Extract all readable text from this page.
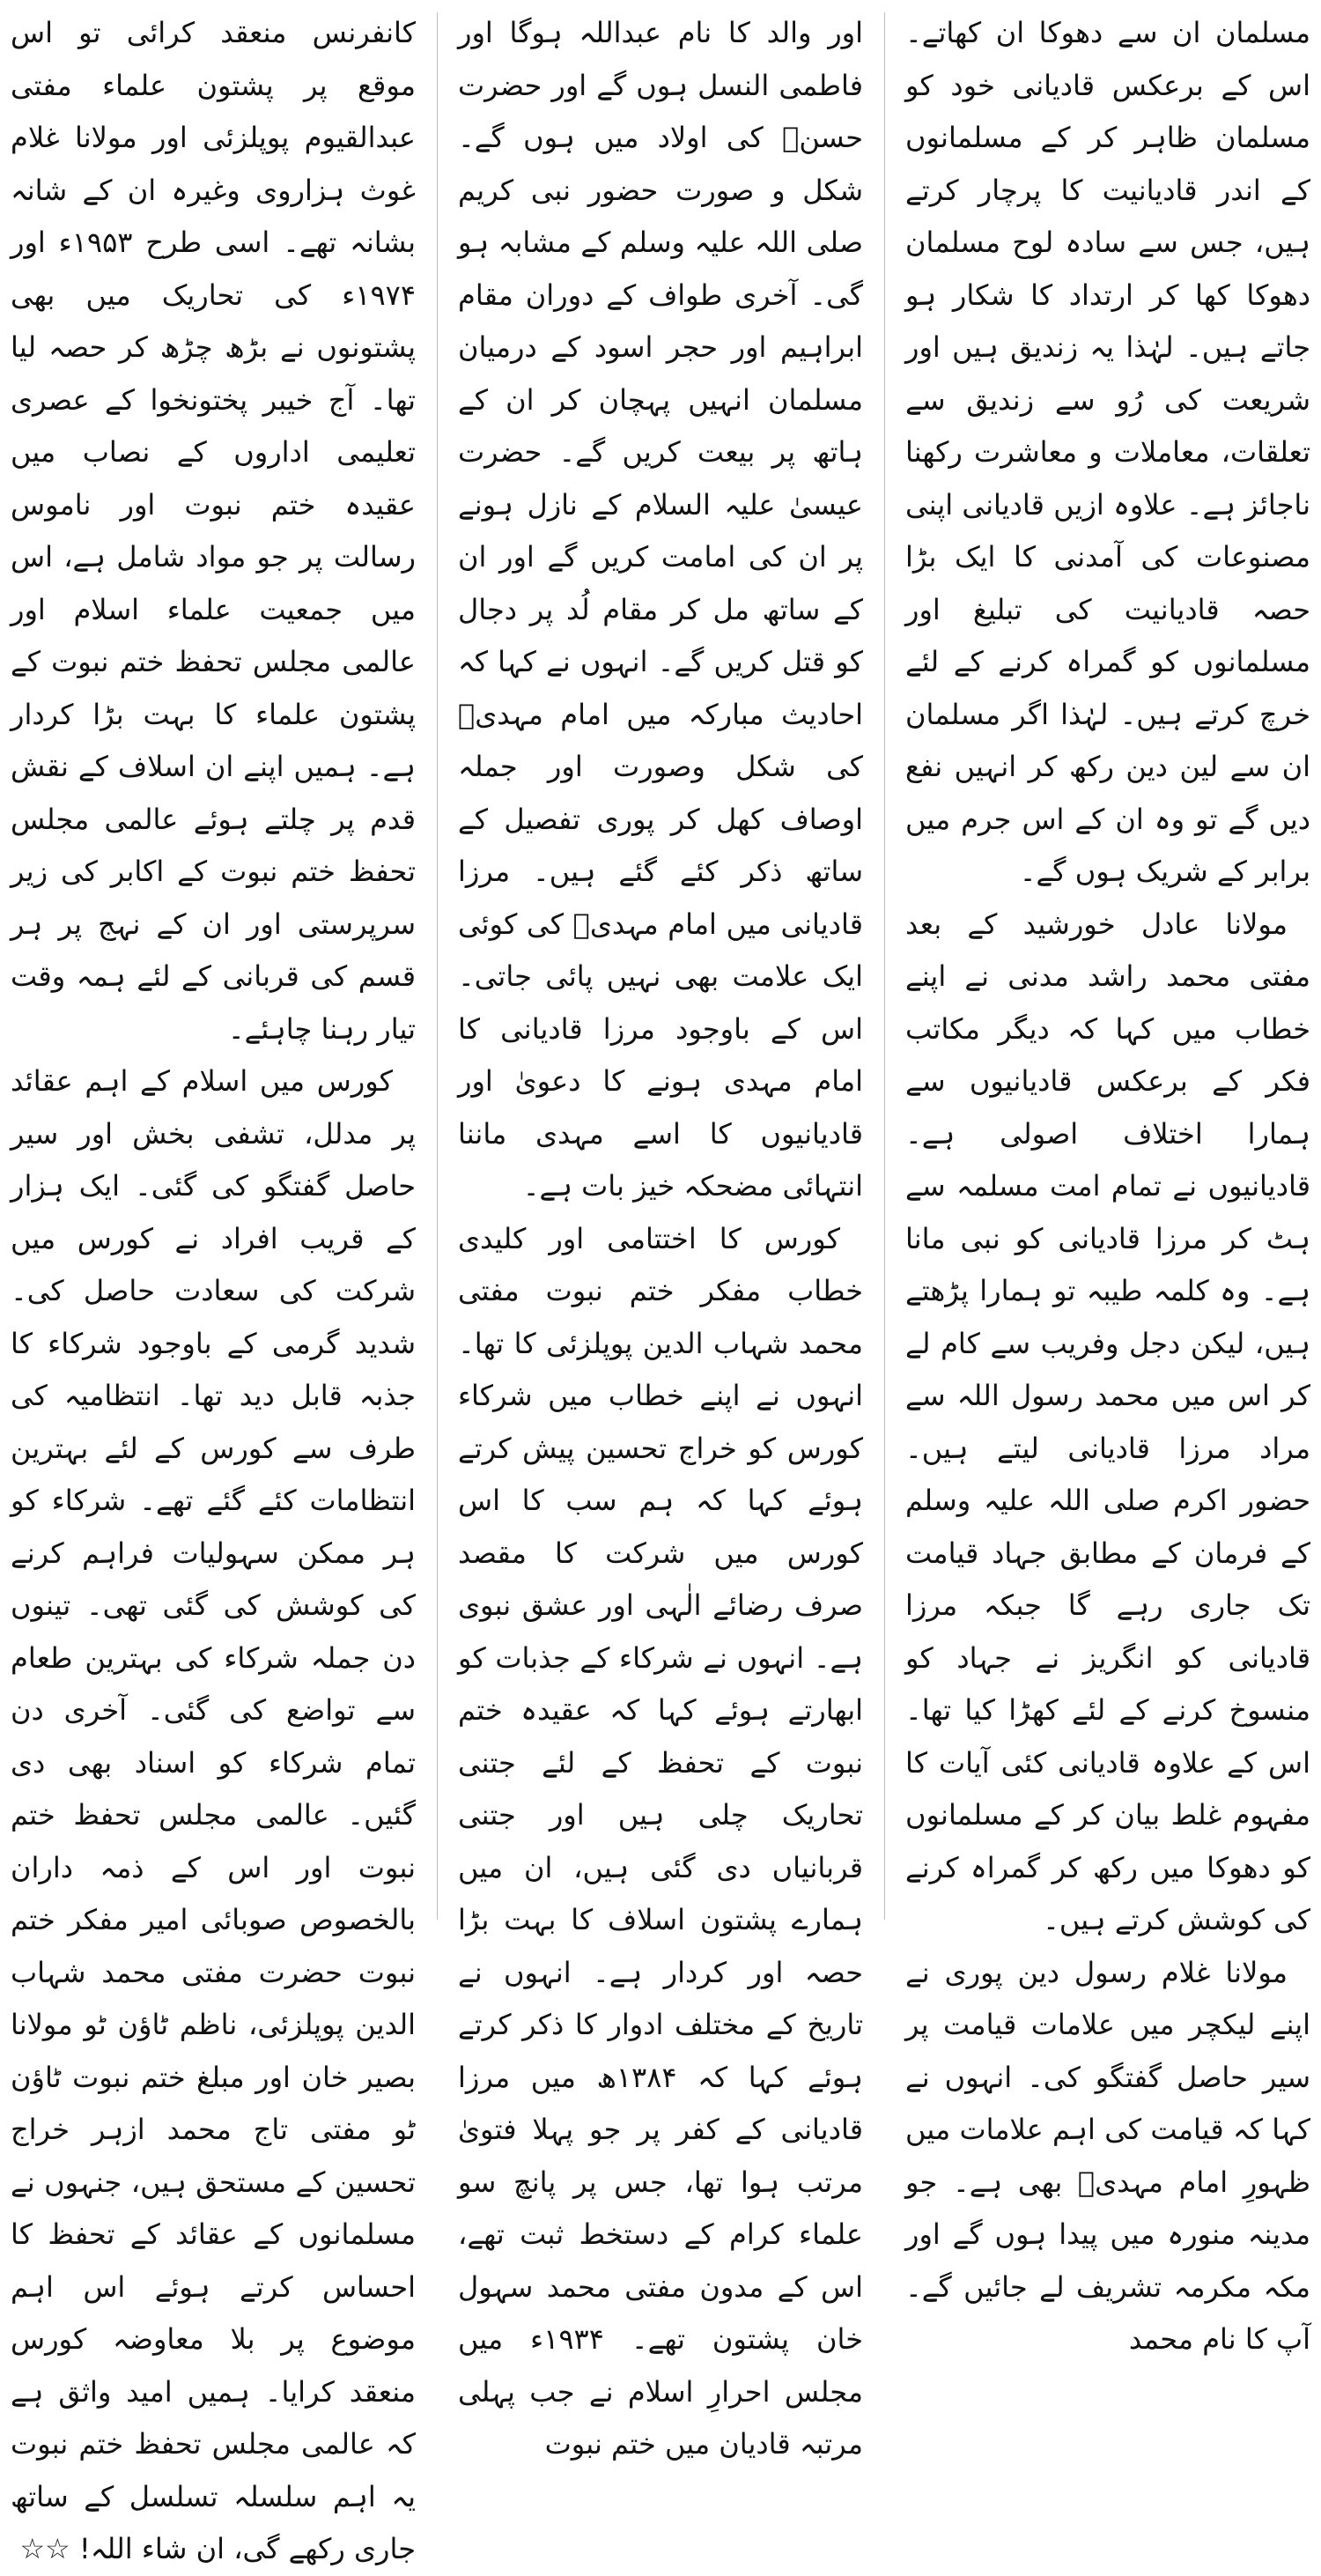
مسلمان ان سے دھوکا ان کھاتے۔ اس کے برعکس قادیانی خود کو مسلمان ظاہر کر کے مسلمانوں کے اندر قادیانیت کا پرچار کرتے ہیں، جس سے سادہ لوح مسلمان دھوکا کھا کر ارتداد کا شکار ہو جاتے ہیں۔ لہٰذا یہ زندیق ہیں اور شریعت کی رُو سے زندیق سے تعلقات، معاملات و معاشرت رکھنا ناجائز ہے۔ علاوہ ازیں قادیانی اپنی مصنوعات کی آمدنی کا ایک بڑا حصہ قادیانیت کی تبلیغ اور مسلمانوں کو گمراہ کرنے کے لئے خرچ کرتے ہیں۔ لہٰذا اگر مسلمان ان سے لین دین رکھ کر انہیں نفع دیں گے تو وہ ان کے اس جرم میں برابر کے شریک ہوں گے۔

مولانا عادل خورشید کے بعد مفتی محمد راشد مدنی نے اپنے خطاب میں کہا کہ دیگر مکاتب فکر کے برعکس قادیانیوں سے ہمارا اختلاف اصولی ہے۔ قادیانیوں نے تمام امت مسلمہ سے ہٹ کر مرزا قادیانی کو نبی مانا ہے۔ وہ کلمہ طیبہ تو ہمارا پڑھتے ہیں، لیکن دجل وفریب سے کام لے کر اس میں محمد رسول اللہ سے مراد مرزا قادیانی لیتے ہیں۔ حضور اکرم صلی اللہ علیہ وسلم کے فرمان کے مطابق جہاد قیامت تک جاری رہے گا جبکہ مرزا قادیانی کو انگریز نے جہاد کو منسوخ کرنے کے لئے کھڑا کیا تھا۔ اس کے علاوہ قادیانی کئی آیات کا مفہوم غلط بیان کر کے مسلمانوں کو دھوکا میں رکھ کر گمراہ کرنے کی کوشش کرتے ہیں۔

مولانا غلام رسول دین پوری نے اپنے لیکچر میں علامات قیامت پر سیر حاصل گفتگو کی۔ انہوں نے کہا کہ قیامت کی اہم علامات میں ظہورِ امام مہدیؓ بھی ہے۔ جو مدینہ منورہ میں پیدا ہوں گے اور مکہ مکرمہ تشریف لے جائیں گے۔ آپ کا نام محمد

اور والد کا نام عبداللہ ہوگا اور فاطمی النسل ہوں گے اور حضرت حسنؓ کی اولاد میں ہوں گے۔ شکل و صورت حضور نبی کریم صلی اللہ علیہ وسلم کے مشابہ ہو گی۔ آخری طواف کے دوران مقام ابراہیم اور حجر اسود کے درمیان مسلمان انہیں پہچان کر ان کے ہاتھ پر بیعت کریں گے۔ حضرت عیسیٰ علیہ السلام کے نازل ہونے پر ان کی امامت کریں گے اور ان کے ساتھ مل کر مقام لُد پر دجال کو قتل کریں گے۔ انہوں نے کہا کہ احادیث مبارکہ میں امام مہدیؓ کی شکل وصورت اور جملہ اوصاف کھل کر پوری تفصیل کے ساتھ ذکر کئے گئے ہیں۔ مرزا قادیانی میں امام مہدیؓ کی کوئی ایک علامت بھی نہیں پائی جاتی۔ اس کے باوجود مرزا قادیانی کا امام مہدی ہونے کا دعویٰ اور قادیانیوں کا اسے مہدی ماننا انتہائی مضحکہ خیز بات ہے۔

کورس کا اختتامی اور کلیدی خطاب مفکر ختم نبوت مفتی محمد شہاب الدین پوپلزئی کا تھا۔ انہوں نے اپنے خطاب میں شرکاء کورس کو خراج تحسین پیش کرتے ہوئے کہا کہ ہم سب کا اس کورس میں شرکت کا مقصد صرف رضائے الٰہی اور عشق نبوی ہے۔ انہوں نے شرکاء کے جذبات کو ابھارتے ہوئے کہا کہ عقیدہ ختم نبوت کے تحفظ کے لئے جتنی تحاریک چلی ہیں اور جتنی قربانیاں دی گئی ہیں، ان میں ہمارے پشتون اسلاف کا بہت بڑا حصہ اور کردار ہے۔ انہوں نے تاریخ کے مختلف ادوار کا ذکر کرتے ہوئے کہا کہ ۱۳۸۴ھ میں مرزا قادیانی کے کفر پر جو پہلا فتویٰ مرتب ہوا تھا، جس پر پانچ سو علماء کرام کے دستخط ثبت تھے، اس کے مدون مفتی محمد سہول خان پشتون تھے۔ ۱۹۳۴ء میں مجلس احرارِ اسلام نے جب پہلی مرتبہ قادیان میں ختم نبوت

کانفرنس منعقد کرائی تو اس موقع پر پشتون علماء مفتی عبدالقیوم پوپلزئی اور مولانا غلام غوث ہزاروی وغیرہ ان کے شانہ بشانہ تھے۔ اسی طرح ۱۹۵۳ء اور ۱۹۷۴ء کی تحاریک میں بھی پشتونوں نے بڑھ چڑھ کر حصہ لیا تھا۔ آج خیبر پختونخوا کے عصری تعلیمی اداروں کے نصاب میں عقیدہ ختم نبوت اور ناموس رسالت پر جو مواد شامل ہے، اس میں جمعیت علماء اسلام اور عالمی مجلس تحفظ ختم نبوت کے پشتون علماء کا بہت بڑا کردار ہے۔ ہمیں اپنے ان اسلاف کے نقش قدم پر چلتے ہوئے عالمی مجلس تحفظ ختم نبوت کے اکابر کی زیر سرپرستی اور ان کے نہج پر ہر قسم کی قربانی کے لئے ہمہ وقت تیار رہنا چاہئے۔

کورس میں اسلام کے اہم عقائد پر مدلل، تشفی بخش اور سیر حاصل گفتگو کی گئی۔ ایک ہزار کے قریب افراد نے کورس میں شرکت کی سعادت حاصل کی۔ شدید گرمی کے باوجود شرکاء کا جذبہ قابل دید تھا۔ انتظامیہ کی طرف سے کورس کے لئے بہترین انتظامات کئے گئے تھے۔ شرکاء کو ہر ممکن سہولیات فراہم کرنے کی کوشش کی گئی تھی۔ تینوں دن جملہ شرکاء کی بہترین طعام سے تواضع کی گئی۔ آخری دن تمام شرکاء کو اسناد بھی دی گئیں۔ عالمی مجلس تحفظ ختم نبوت اور اس کے ذمہ داران بالخصوص صوبائی امیر مفکر ختم نبوت حضرت مفتی محمد شہاب الدین پوپلزئی، ناظم ٹاؤن ٹو مولانا بصیر خان اور مبلغ ختم نبوت ٹاؤن ٹو مفتی تاج محمد ازہر خراج تحسین کے مستحق ہیں، جنہوں نے مسلمانوں کے عقائد کے تحفظ کا احساس کرتے ہوئے اس اہم موضوع پر بلا معاوضہ کورس منعقد کرایا۔ ہمیں امید واثق ہے کہ عالمی مجلس تحفظ ختم نبوت یہ اہم سلسلہ تسلسل کے ساتھ جاری رکھے گی، ان شاء اللہ! ☆☆
